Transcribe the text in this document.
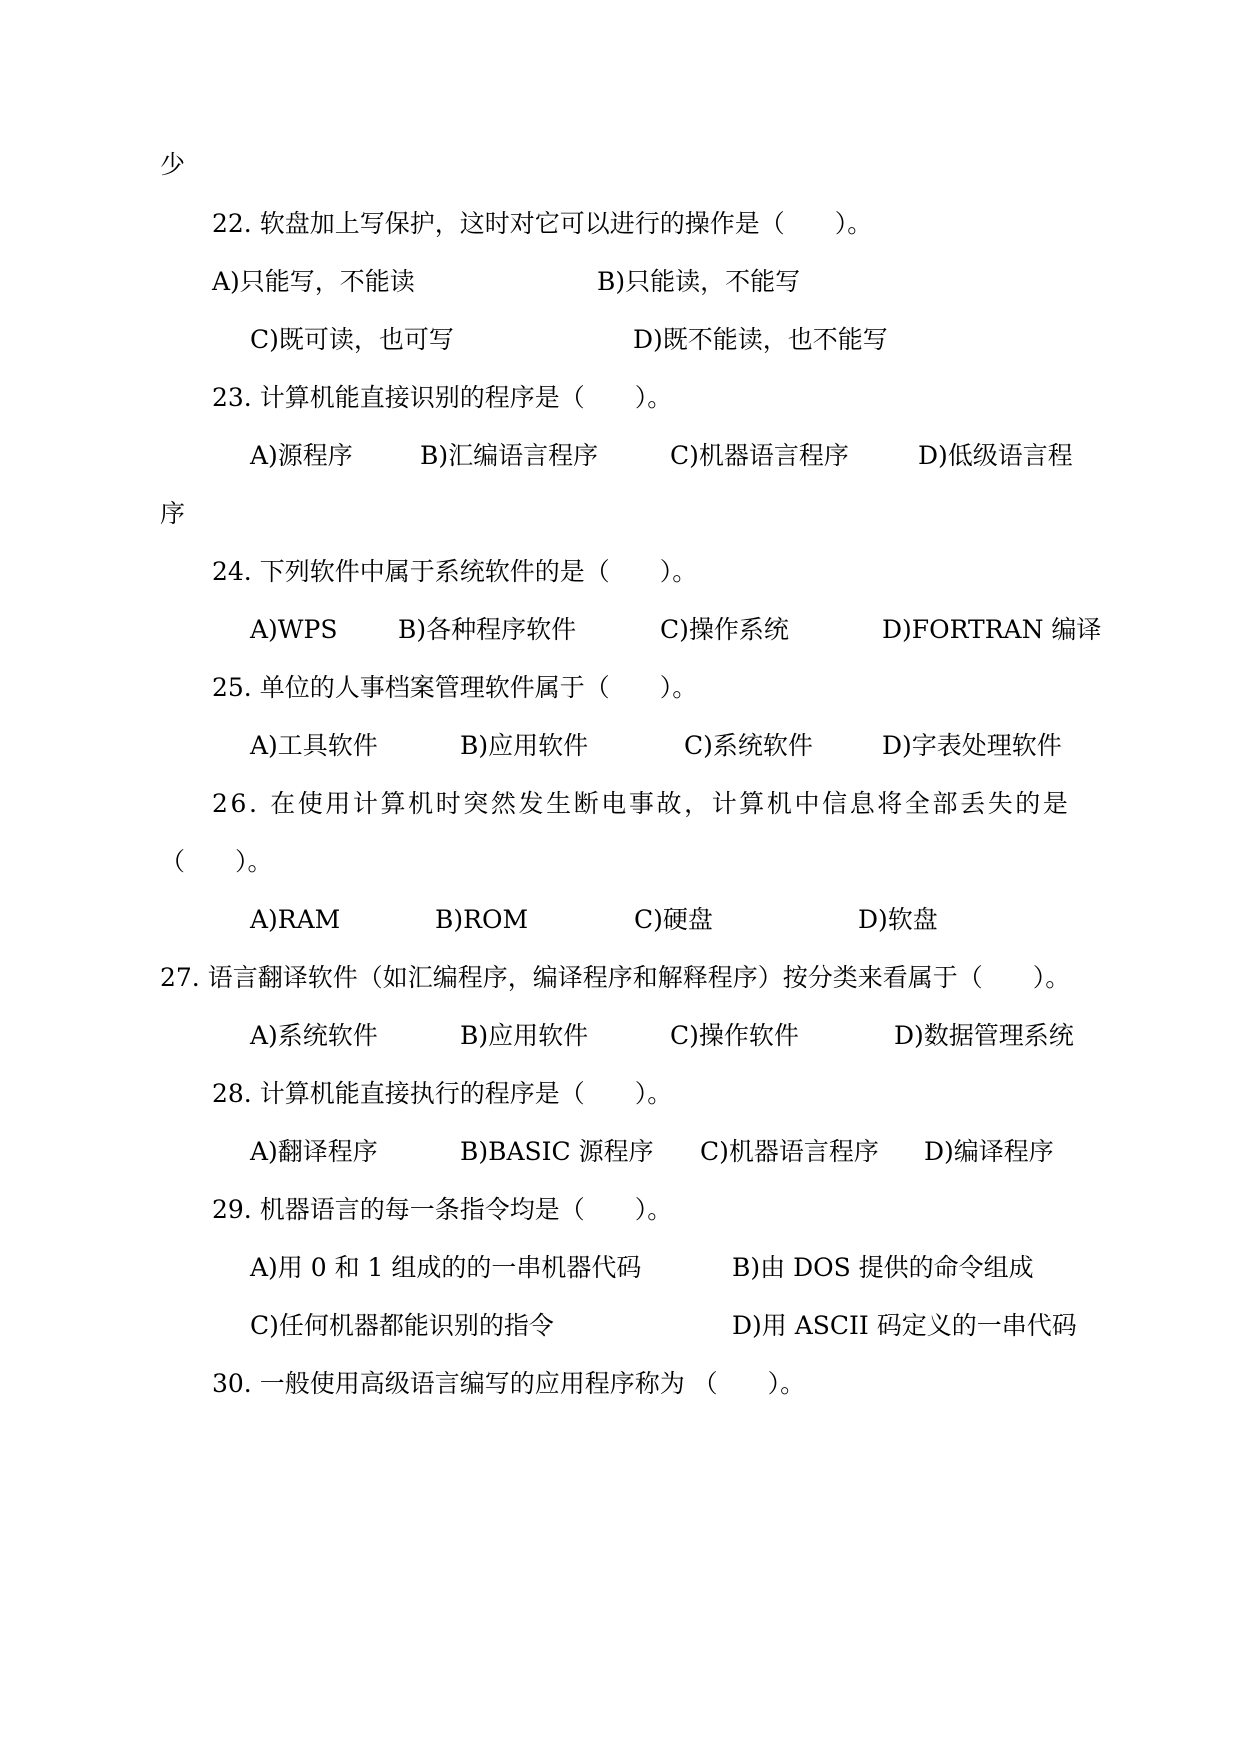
少
22. 软盘加上写保护，这时对它可以进行的操作是（　　）。
A)只能写，不能读	B)只能读，不能写
C)既可读，也可写	D)既不能读，也不能写
23. 计算机能直接识别的程序是（　　）。
A)源程序	B)汇编语言程序	C)机器语言程序	D)低级语言程
序
24. 下列软件中属于系统软件的是（　　）。
A)WPS B)各种程序软件	C)操作系统	D)FORTRAN 编译
25. 单位的人事档案管理软件属于（　　）。
A)工具软件	B)应用软件	C)系统软件	D)字表处理软件
26. 在使用计算机时突然发生断电事故，计算机中信息将全部丢失的是
（　　）。
A)RAM	B)ROM	C)硬盘	D)软盘
27. 语言翻译软件（如汇编程序，编译程序和解释程序）按分类来看属于（　　）。
A)系统软件	B)应用软件	C)操作软件	D)数据管理系统
28. 计算机能直接执行的程序是（　　）。
A)翻译程序	B)BASIC 源程序 C)机器语言程序 D)编译程序
29. 机器语言的每一条指令均是（　　）。
A)用 0 和 1 组成的的一串机器代码	B)由 DOS 提供的命令组成
C)任何机器都能识别的指令	D)用 ASCII 码定义的一串代码
30. 一般使用高级语言编写的应用程序称为 （　　）。
